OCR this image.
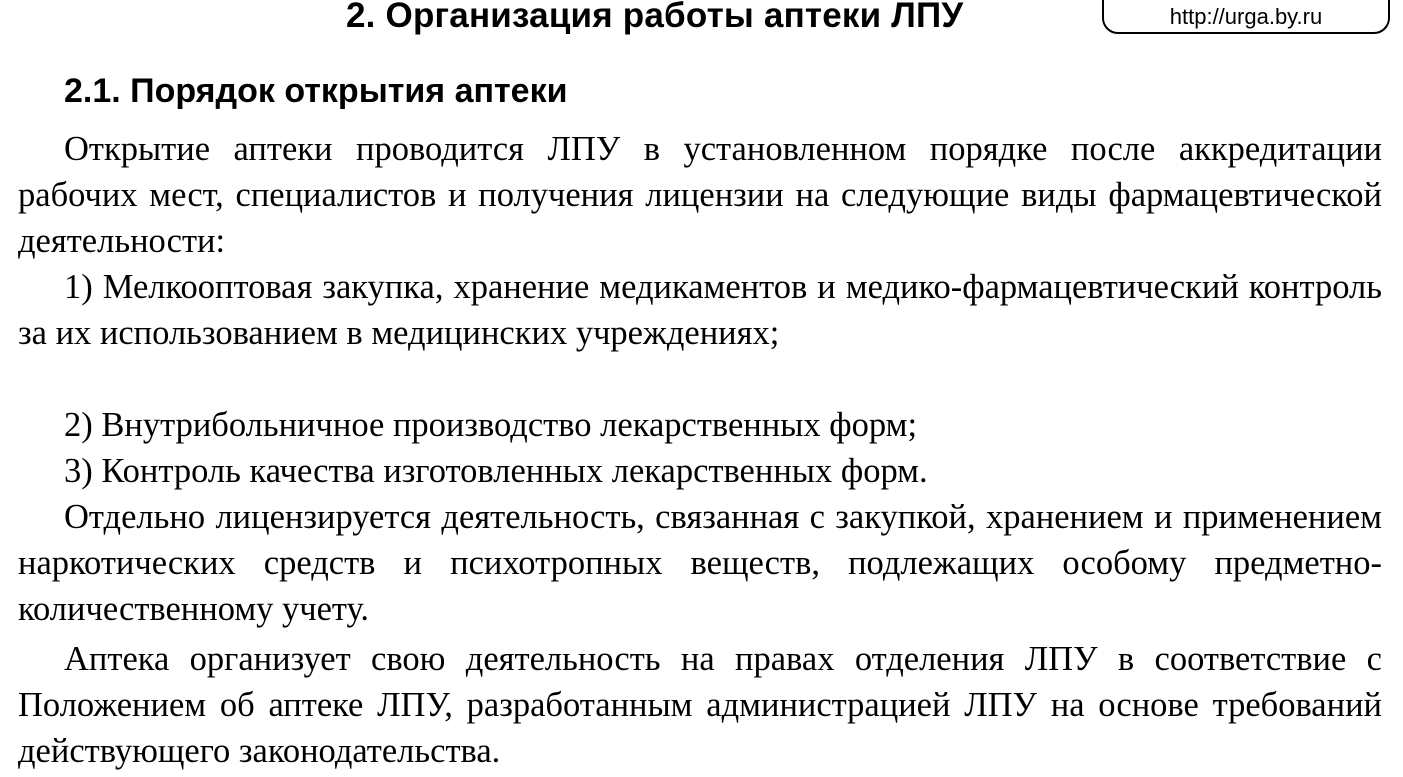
2. Организация работы аптеки ЛПУ	http://urga.by.ru
2.1. Порядок открытия аптеки

Открытие аптеки проводится ЛПУ в установленном порядке после аккредитации рабочих мест, специалистов и получения лицензии на следующие виды фармацевтической деятельности:

1) Мелкооптовая закупка, хранение медикаментов и медико-фармацевтический контроль за их использованием в медицинских учреждениях;

2) Внутрибольничное производство лекарственных форм;

3) Контроль качества изготовленных лекарственных форм.

Отдельно лицензируется деятельность, связанная с закупкой, хранением и применением наркотических средств и психотропных веществ, подлежащих особому предметно-количественному учету.

Аптека организует свою деятельность на правах отделения ЛПУ в соответствие с Положением об аптеке ЛПУ, разработанным администрацией ЛПУ на основе требований действующего законодательства.
